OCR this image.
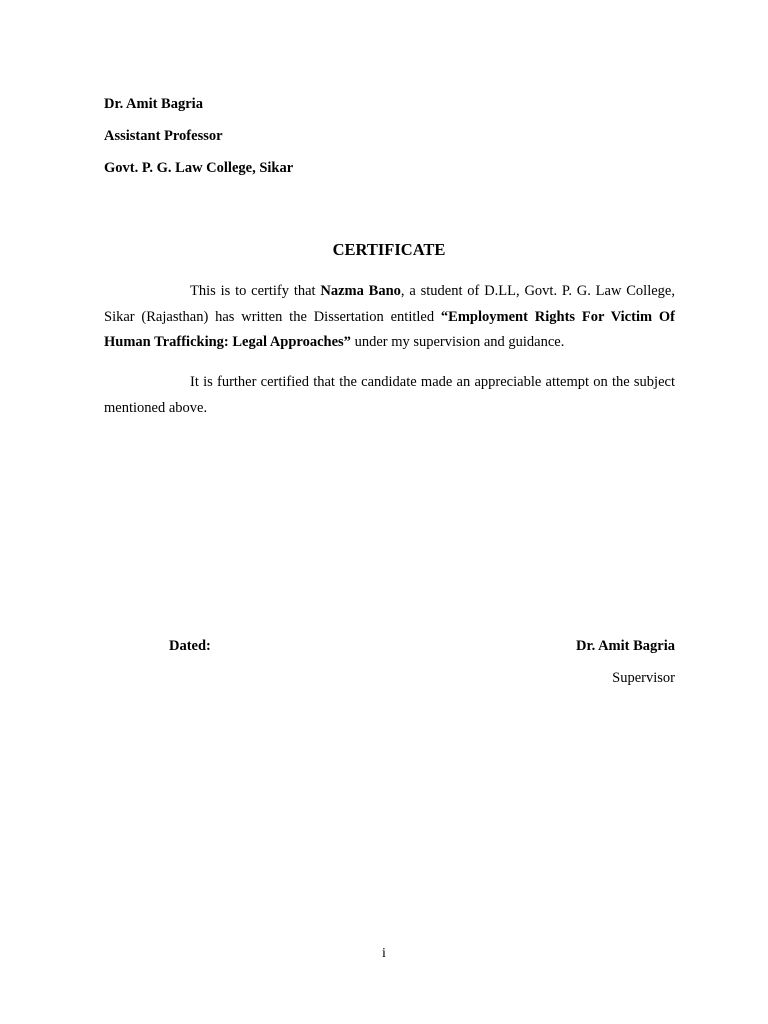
Dr. Amit Bagria
Assistant Professor
Govt. P. G. Law College, Sikar
CERTIFICATE

This is to certify that Nazma Bano, a student of D.LL, Govt. P. G. Law College, Sikar (Rajasthan) has written the Dissertation entitled “Employment Rights For Victim Of Human Trafficking: Legal Approaches” under my supervision and guidance.

It is further certified that the candidate made an appreciable attempt on the subject mentioned above.

Dated:	Dr. Amit Bagria
Supervisor
i
